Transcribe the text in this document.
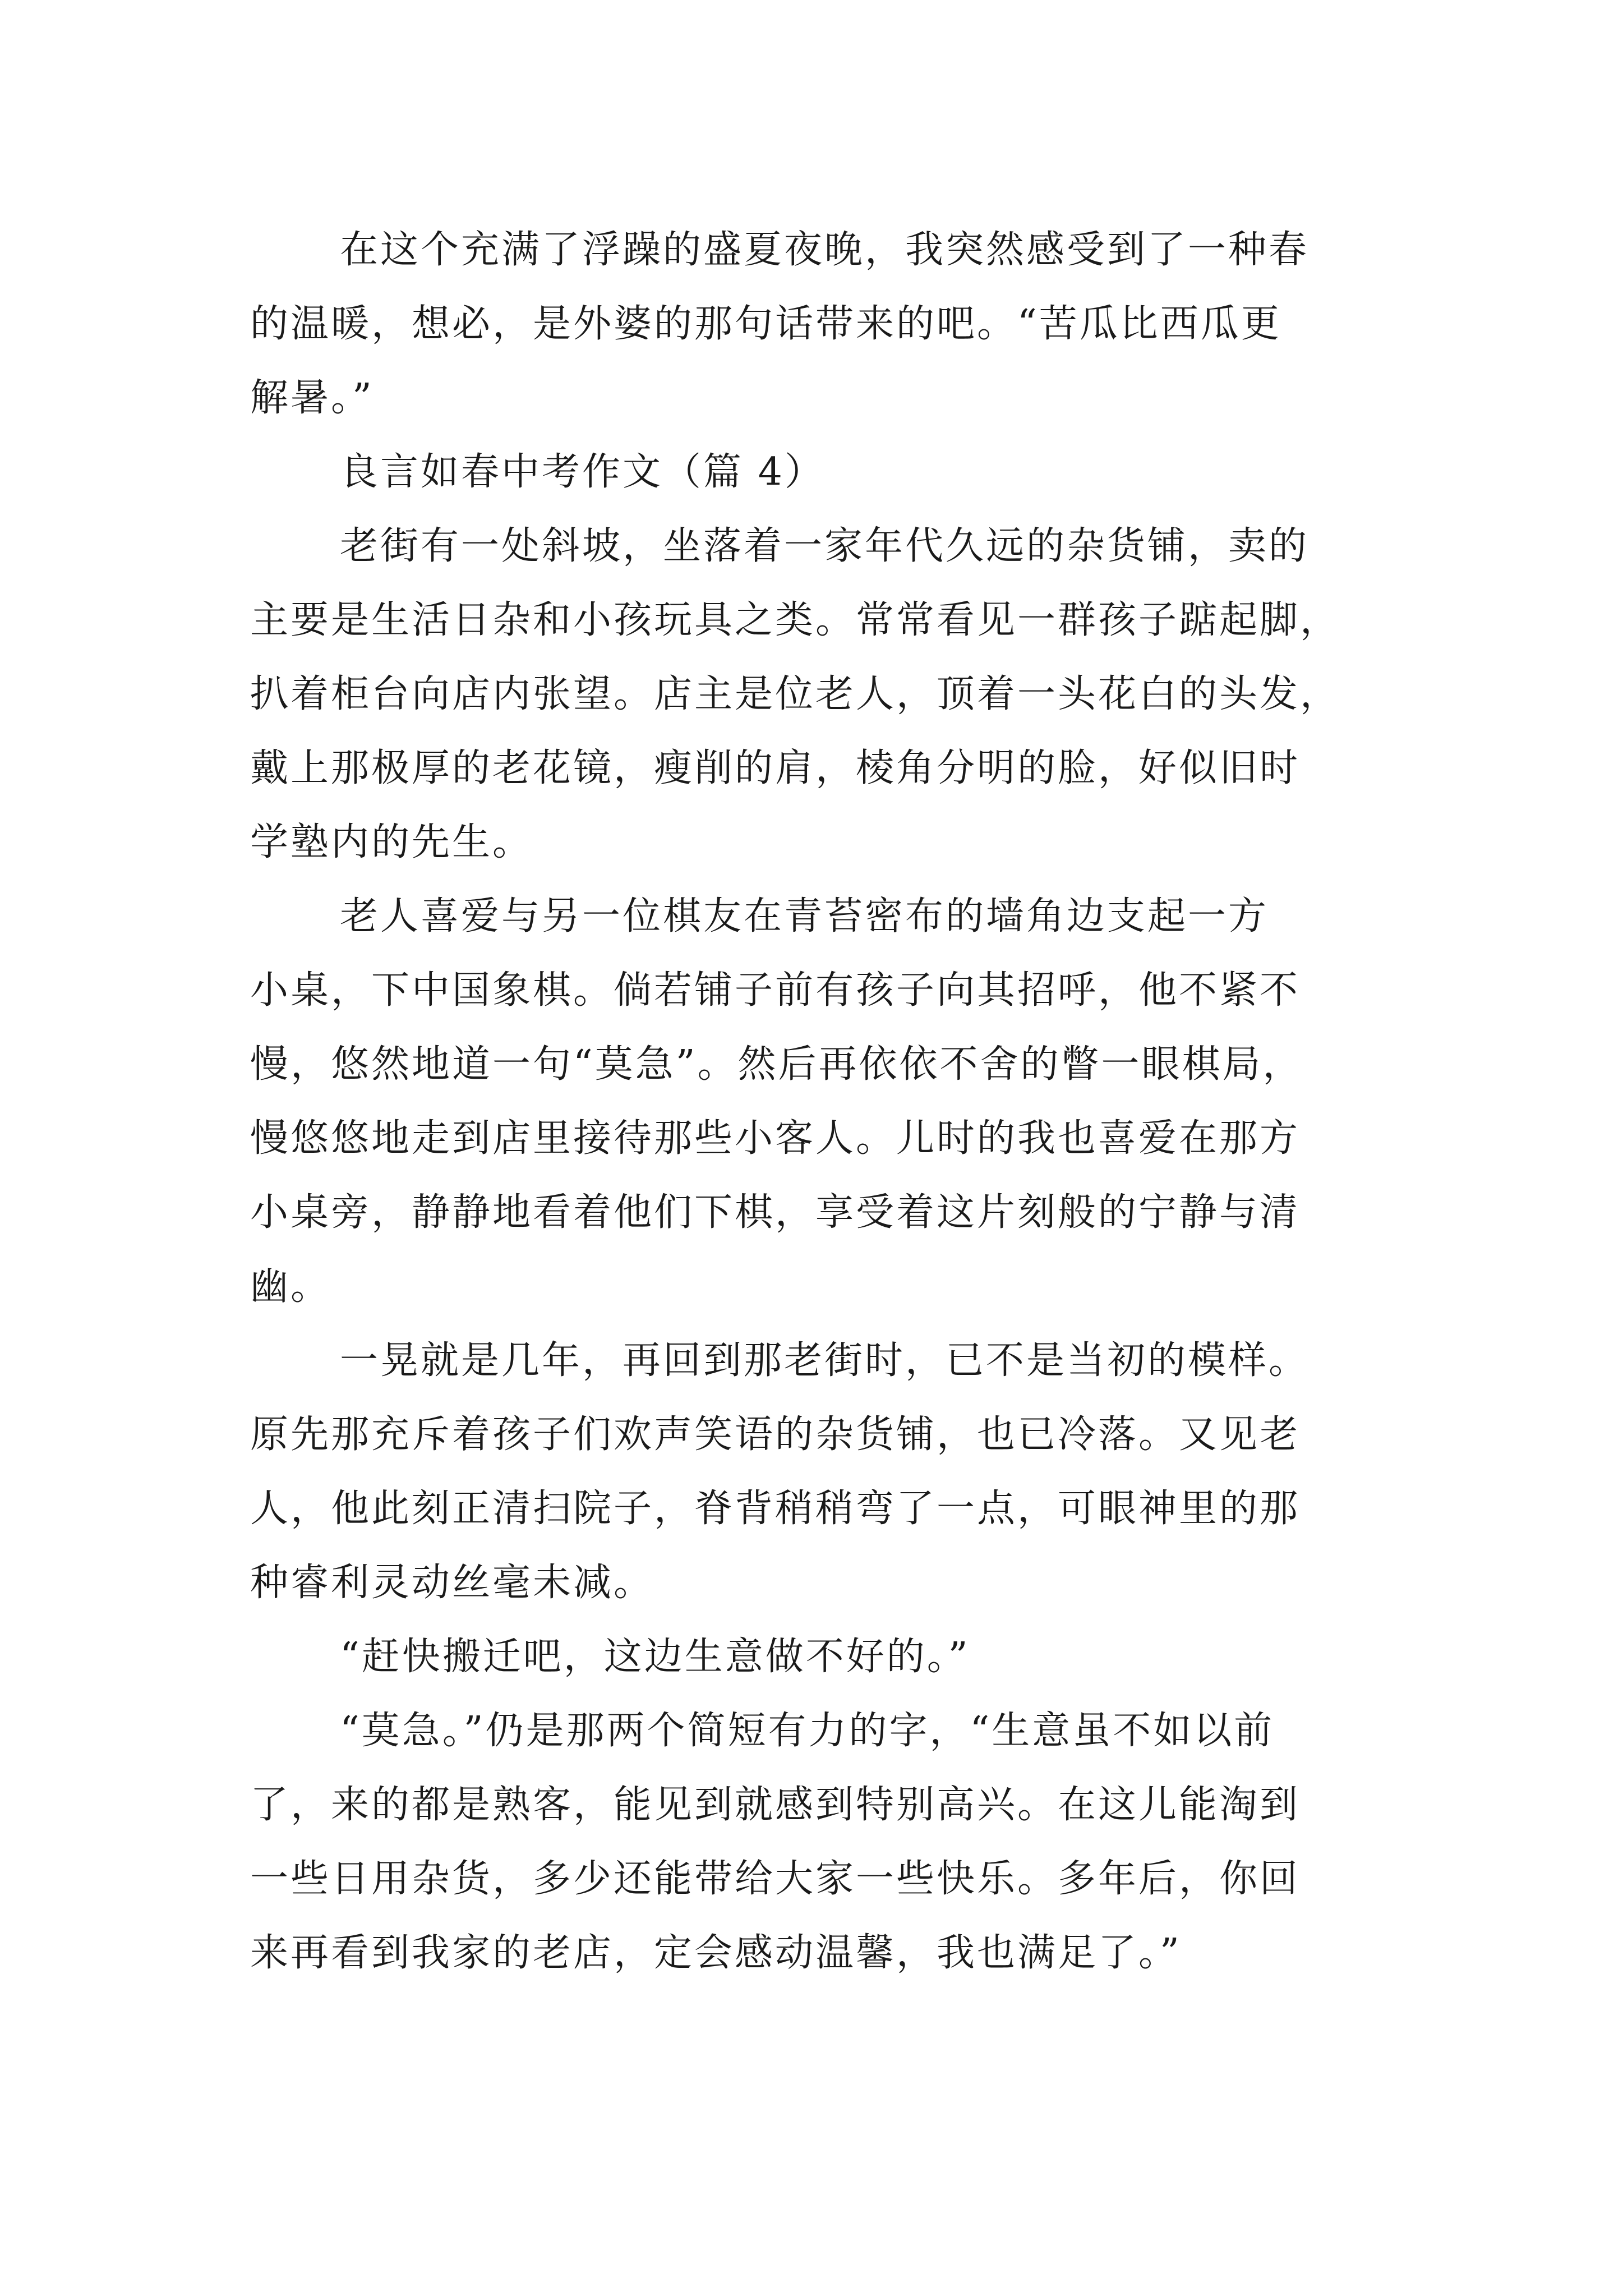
在这个充满了浮躁的盛夏夜晚，我突然感受到了一种春
的温暖，想必，是外婆的那句话带来的吧。“苦瓜比西瓜更
解暑。”
良言如春中考作文（篇 4）
老街有一处斜坡，坐落着一家年代久远的杂货铺，卖的
主要是生活日杂和小孩玩具之类。常常看见一群孩子踮起脚，
扒着柜台向店内张望。店主是位老人，顶着一头花白的头发，
戴上那极厚的老花镜，瘦削的肩，棱角分明的脸，好似旧时
学塾内的先生。
老人喜爱与另一位棋友在青苔密布的墙角边支起一方
小桌，下中国象棋。倘若铺子前有孩子向其招呼，他不紧不
慢，悠然地道一句“莫急”。然后再依依不舍的瞥一眼棋局，
慢悠悠地走到店里接待那些小客人。儿时的我也喜爱在那方
小桌旁，静静地看着他们下棋，享受着这片刻般的宁静与清
幽。
一晃就是几年，再回到那老街时，已不是当初的模样。
原先那充斥着孩子们欢声笑语的杂货铺，也已冷落。又见老
人，他此刻正清扫院子，脊背稍稍弯了一点，可眼神里的那
种睿利灵动丝毫未减。
“赶快搬迁吧，这边生意做不好的。”
“莫急。”仍是那两个简短有力的字，“生意虽不如以前
了，来的都是熟客，能见到就感到特别高兴。在这儿能淘到
一些日用杂货，多少还能带给大家一些快乐。多年后，你回
来再看到我家的老店，定会感动温馨，我也满足了。”
